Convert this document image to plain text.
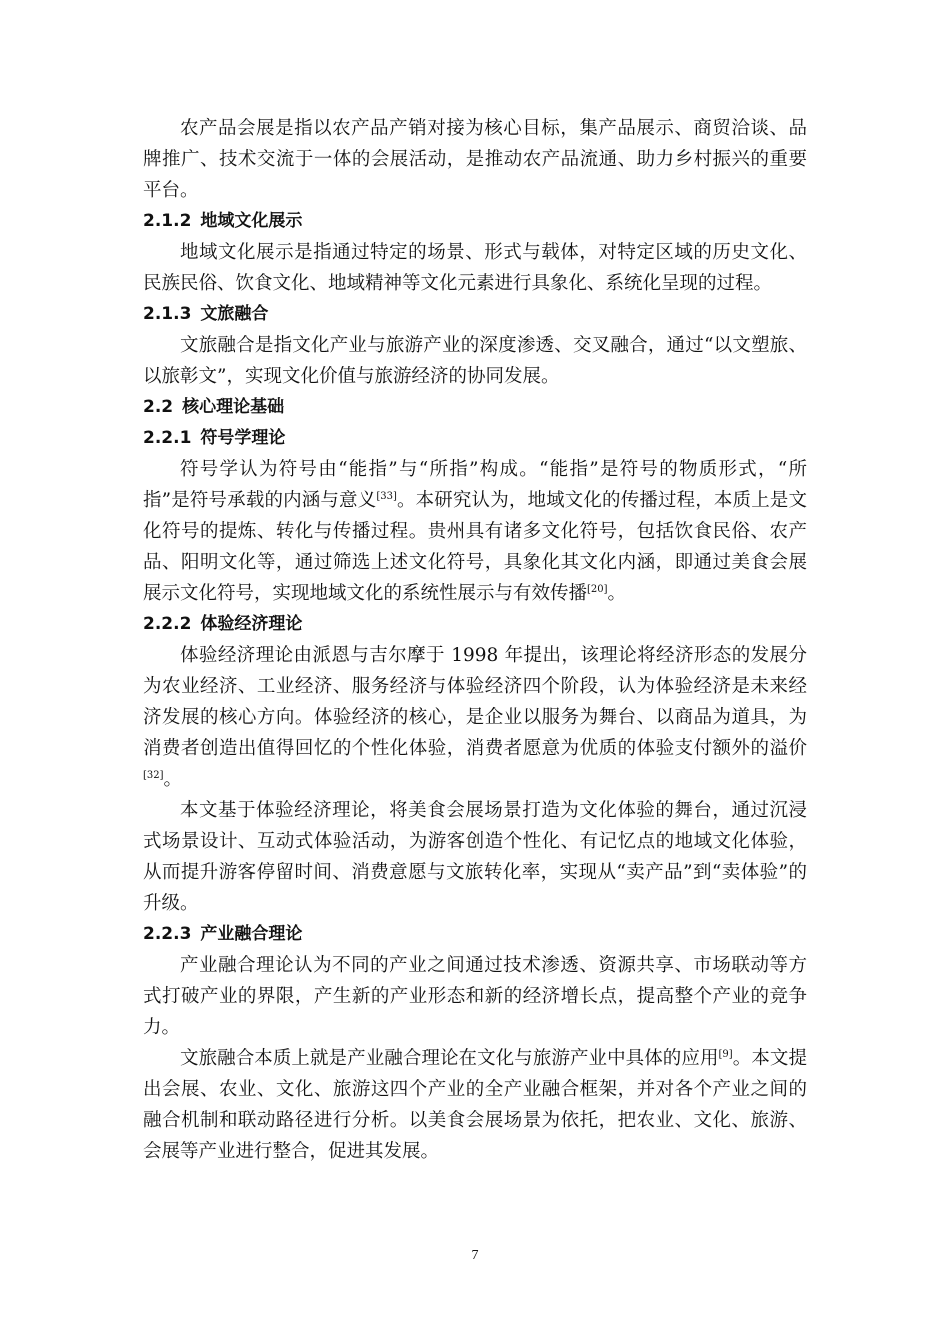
农产品会展是指以农产品产销对接为核心目标，集产品展示、商贸洽谈、品牌推广、技术交流于一体的会展活动，是推动农产品流通、助力乡村振兴的重要平台。

2.1.2 地域文化展示

地域文化展示是指通过特定的场景、形式与载体，对特定区域的历史文化、民族民俗、饮食文化、地域精神等文化元素进行具象化、系统化呈现的过程。

2.1.3 文旅融合

文旅融合是指文化产业与旅游产业的深度渗透、交叉融合，通过“以文塑旅、以旅彰文”，实现文化价值与旅游经济的协同发展。

2.2 核心理论基础
2.2.1 符号学理论

符号学认为符号由“能指”与“所指”构成。“能指”是符号的物质形式，“所指”是符号承载的内涵与意义[33]。本研究认为，地域文化的传播过程，本质上是文化符号的提炼、转化与传播过程。贵州具有诸多文化符号，包括饮食民俗、农产品、阳明文化等，通过筛选上述文化符号，具象化其文化内涵，即通过美食会展展示文化符号，实现地域文化的系统性展示与有效传播[20]。

2.2.2 体验经济理论

体验经济理论由派恩与吉尔摩于 1998 年提出，该理论将经济形态的发展分为农业经济、工业经济、服务经济与体验经济四个阶段，认为体验经济是未来经济发展的核心方向。体验经济的核心，是企业以服务为舞台、以商品为道具，为消费者创造出值得回忆的个性化体验，消费者愿意为优质的体验支付额外的溢价[32]。

本文基于体验经济理论，将美食会展场景打造为文化体验的舞台，通过沉浸式场景设计、互动式体验活动，为游客创造个性化、有记忆点的地域文化体验，从而提升游客停留时间、消费意愿与文旅转化率，实现从“卖产品”到“卖体验”的升级。

2.2.3 产业融合理论

产业融合理论认为不同的产业之间通过技术渗透、资源共享、市场联动等方式打破产业的界限，产生新的产业形态和新的经济增长点，提高整个产业的竞争力。

文旅融合本质上就是产业融合理论在文化与旅游产业中具体的应用[9]。本文提出会展、农业、文化、旅游这四个产业的全产业融合框架，并对各个产业之间的融合机制和联动路径进行分析。以美食会展场景为依托，把农业、文化、旅游、会展等产业进行整合，促进其发展。

7
